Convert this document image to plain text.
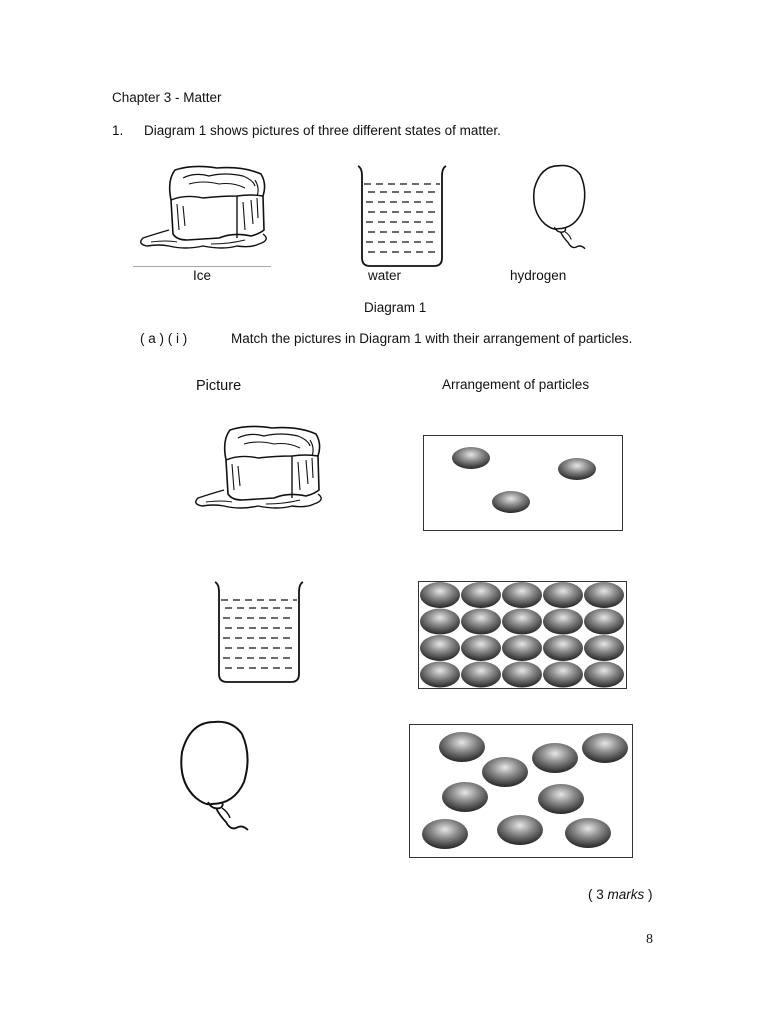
Chapter 3 - Matter
1. Diagram 1 shows pictures of three different states of matter.
Ice	water	hydrogen
Diagram 1
( a ) ( i )	Match the pictures in Diagram 1 with their arrangement of particles.
Picture	Arrangement of particles
( 3 marks )
8
